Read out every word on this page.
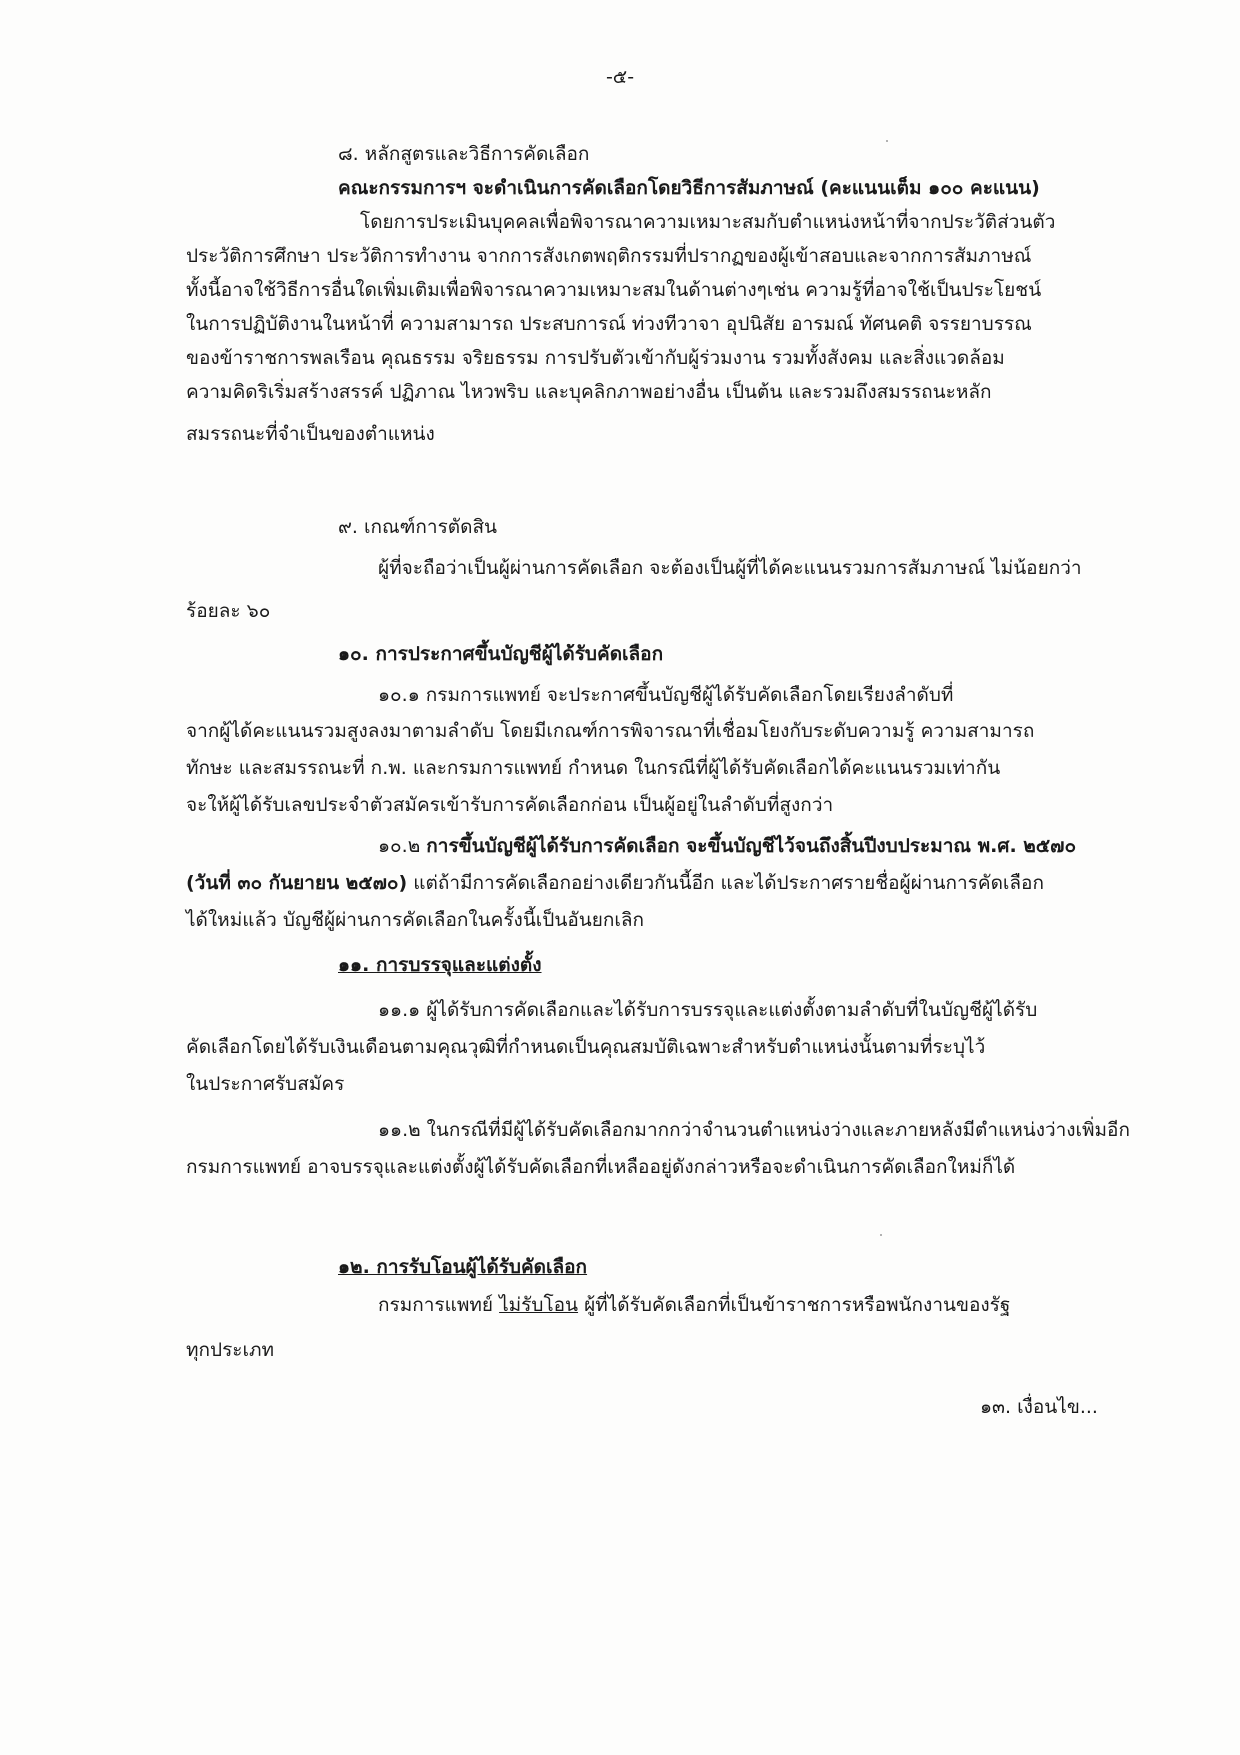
-๕-
๘. หลักสูตรและวิธีการคัดเลือก
คณะกรรมการฯ จะดำเนินการคัดเลือกโดยวิธีการสัมภาษณ์ (คะแนนเต็ม ๑๐๐ คะแนน)
โดยการประเมินบุคคลเพื่อพิจารณาความเหมาะสมกับตำแหน่งหน้าที่จากประวัติส่วนตัว
ประวัติการศึกษา ประวัติการทำงาน จากการสังเกตพฤติกรรมที่ปรากฏของผู้เข้าสอบและจากการสัมภาษณ์
ทั้งนี้อาจใช้วิธีการอื่นใดเพิ่มเติมเพื่อพิจารณาความเหมาะสมในด้านต่างๆเช่น ความรู้ที่อาจใช้เป็นประโยชน์
ในการปฏิบัติงานในหน้าที่ ความสามารถ ประสบการณ์ ท่วงทีวาจา อุปนิสัย อารมณ์ ทัศนคติ จรรยาบรรณ
ของข้าราชการพลเรือน คุณธรรม จริยธรรม การปรับตัวเข้ากับผู้ร่วมงาน รวมทั้งสังคม และสิ่งแวดล้อม
ความคิดริเริ่มสร้างสรรค์ ปฏิภาณ ไหวพริบ และบุคลิกภาพอย่างอื่น เป็นต้น และรวมถึงสมรรถนะหลัก
สมรรถนะที่จำเป็นของตำแหน่ง
๙. เกณฑ์การตัดสิน
ผู้ที่จะถือว่าเป็นผู้ผ่านการคัดเลือก จะต้องเป็นผู้ที่ได้คะแนนรวมการสัมภาษณ์ ไม่น้อยกว่า
ร้อยละ ๖๐
๑๐. การประกาศขึ้นบัญชีผู้ได้รับคัดเลือก
๑๐.๑ กรมการแพทย์ จะประกาศขึ้นบัญชีผู้ได้รับคัดเลือกโดยเรียงลำดับที่
จากผู้ได้คะแนนรวมสูงลงมาตามลำดับ โดยมีเกณฑ์การพิจารณาที่เชื่อมโยงกับระดับความรู้ ความสามารถ
ทักษะ และสมรรถนะที่ ก.พ. และกรมการแพทย์ กำหนด ในกรณีที่ผู้ได้รับคัดเลือกได้คะแนนรวมเท่ากัน
จะให้ผู้ได้รับเลขประจำตัวสมัครเข้ารับการคัดเลือกก่อน เป็นผู้อยู่ในลำดับที่สูงกว่า
๑๐.๒ การขึ้นบัญชีผู้ได้รับการคัดเลือก จะขึ้นบัญชีไว้จนถึงสิ้นปีงบประมาณ พ.ศ. ๒๕๗๐
(วันที่ ๓๐ กันยายน ๒๕๗๐) แต่ถ้ามีการคัดเลือกอย่างเดียวกันนี้อีก และได้ประกาศรายชื่อผู้ผ่านการคัดเลือก
ได้ใหม่แล้ว บัญชีผู้ผ่านการคัดเลือกในครั้งนี้เป็นอันยกเลิก
๑๑. การบรรจุและแต่งตั้ง
๑๑.๑ ผู้ได้รับการคัดเลือกและได้รับการบรรจุและแต่งตั้งตามลำดับที่ในบัญชีผู้ได้รับ
คัดเลือกโดยได้รับเงินเดือนตามคุณวุฒิที่กำหนดเป็นคุณสมบัติเฉพาะสำหรับตำแหน่งนั้นตามที่ระบุไว้
ในประกาศรับสมัคร
๑๑.๒ ในกรณีที่มีผู้ได้รับคัดเลือกมากกว่าจำนวนตำแหน่งว่างและภายหลังมีตำแหน่งว่างเพิ่มอีก
กรมการแพทย์ อาจบรรจุและแต่งตั้งผู้ได้รับคัดเลือกที่เหลืออยู่ดังกล่าวหรือจะดำเนินการคัดเลือกใหม่ก็ได้
๑๒. การรับโอนผู้ได้รับคัดเลือก
กรมการแพทย์ ไม่รับโอน ผู้ที่ได้รับคัดเลือกที่เป็นข้าราชการหรือพนักงานของรัฐ
ทุกประเภท
๑๓. เงื่อนไข...
